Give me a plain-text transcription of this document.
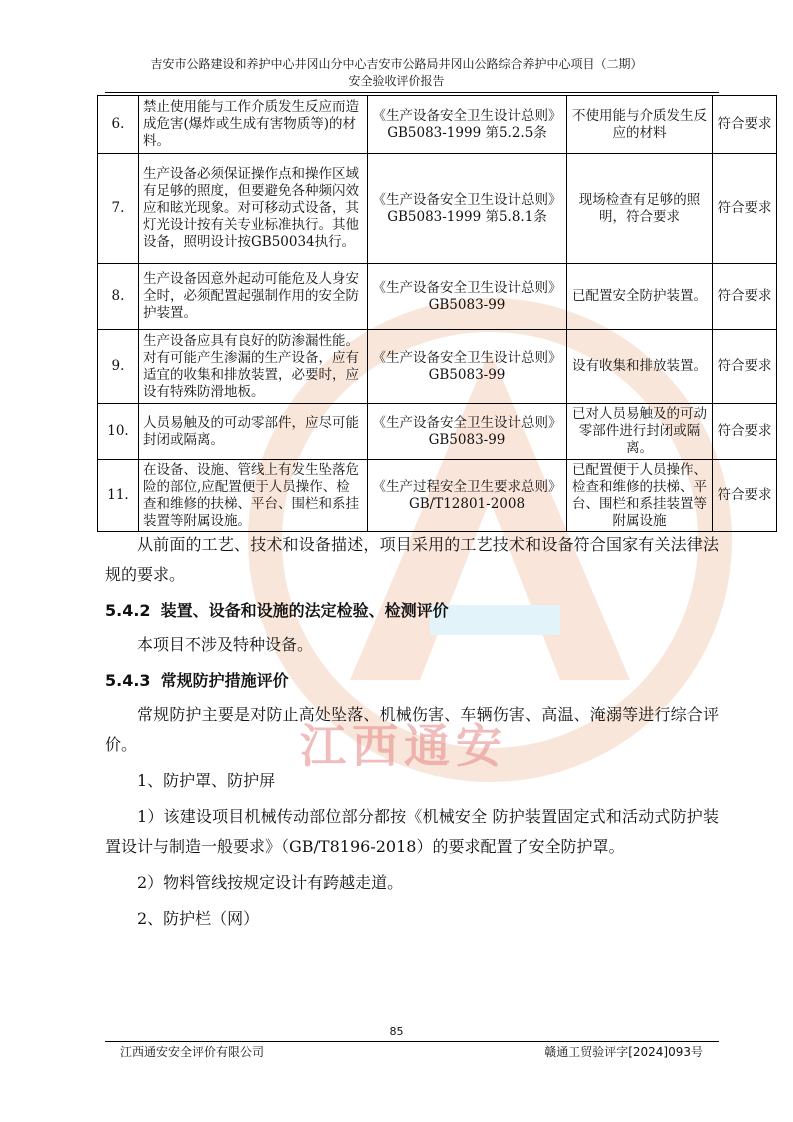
吉安市公路建设和养护中心井冈山分中心吉安市公路局井冈山公路综合养护中心项目（二期）
安全验收评价报告
江西通安
6.	禁止使用能与工作介质发生反应而造成危害(爆炸或生成有害物质等)的材料。	《生产设备安全卫生设计总则》GB5083-1999 第5.2.5条	不使用能与介质发生反应的材料	符合要求
7.	生产设备必须保证操作点和操作区域有足够的照度，但要避免各种频闪效应和眩光现象。对可移动式设备，其灯光设计按有关专业标准执行。其他设备，照明设计按GB50034执行。	《生产设备安全卫生设计总则》GB5083-1999 第5.8.1条	现场检查有足够的照明，符合要求	符合要求
8.	生产设备因意外起动可能危及人身安全时，必须配置起强制作用的安全防护装置。	《生产设备安全卫生设计总则》GB5083-99	已配置安全防护装置。	符合要求
9.	生产设备应具有良好的防渗漏性能。对有可能产生渗漏的生产设备，应有适宜的收集和排放装置，必要时，应设有特殊防滑地板。	《生产设备安全卫生设计总则》GB5083-99	设有收集和排放装置。	符合要求
10.	人员易触及的可动零部件，应尽可能封闭或隔离。	《生产设备安全卫生设计总则》GB5083-99	已对人员易触及的可动零部件进行封闭或隔离。	符合要求
11.	在设备、设施、管线上有发生坠落危险的部位,应配置便于人员操作、检查和维修的扶梯、平台、围栏和系挂装置等附属设施。	《生产过程安全卫生要求总则》 GB/T12801-2008	已配置便于人员操作、检查和维修的扶梯、平台、围栏和系挂装置等附属设施	符合要求

从前面的工艺、技术和设备描述，项目采用的工艺技术和设备符合国家有关法律法规的要求。

5.4.2 装置、设备和设施的法定检验、检测评价

本项目不涉及特种设备。

5.4.3 常规防护措施评价

常规防护主要是对防止高处坠落、机械伤害、车辆伤害、高温、淹溺等进行综合评价。

1、防护罩、防护屏

1）该建设项目机械传动部位部分都按《机械安全 防护装置固定式和活动式防护装置设计与制造一般要求》（GB/T8196-2018）的要求配置了安全防护罩。

2）物料管线按规定设计有跨越走道。

2、防护栏（网）

85
江西通安安全评价有限公司	赣通工贸验评字[2024]093号
